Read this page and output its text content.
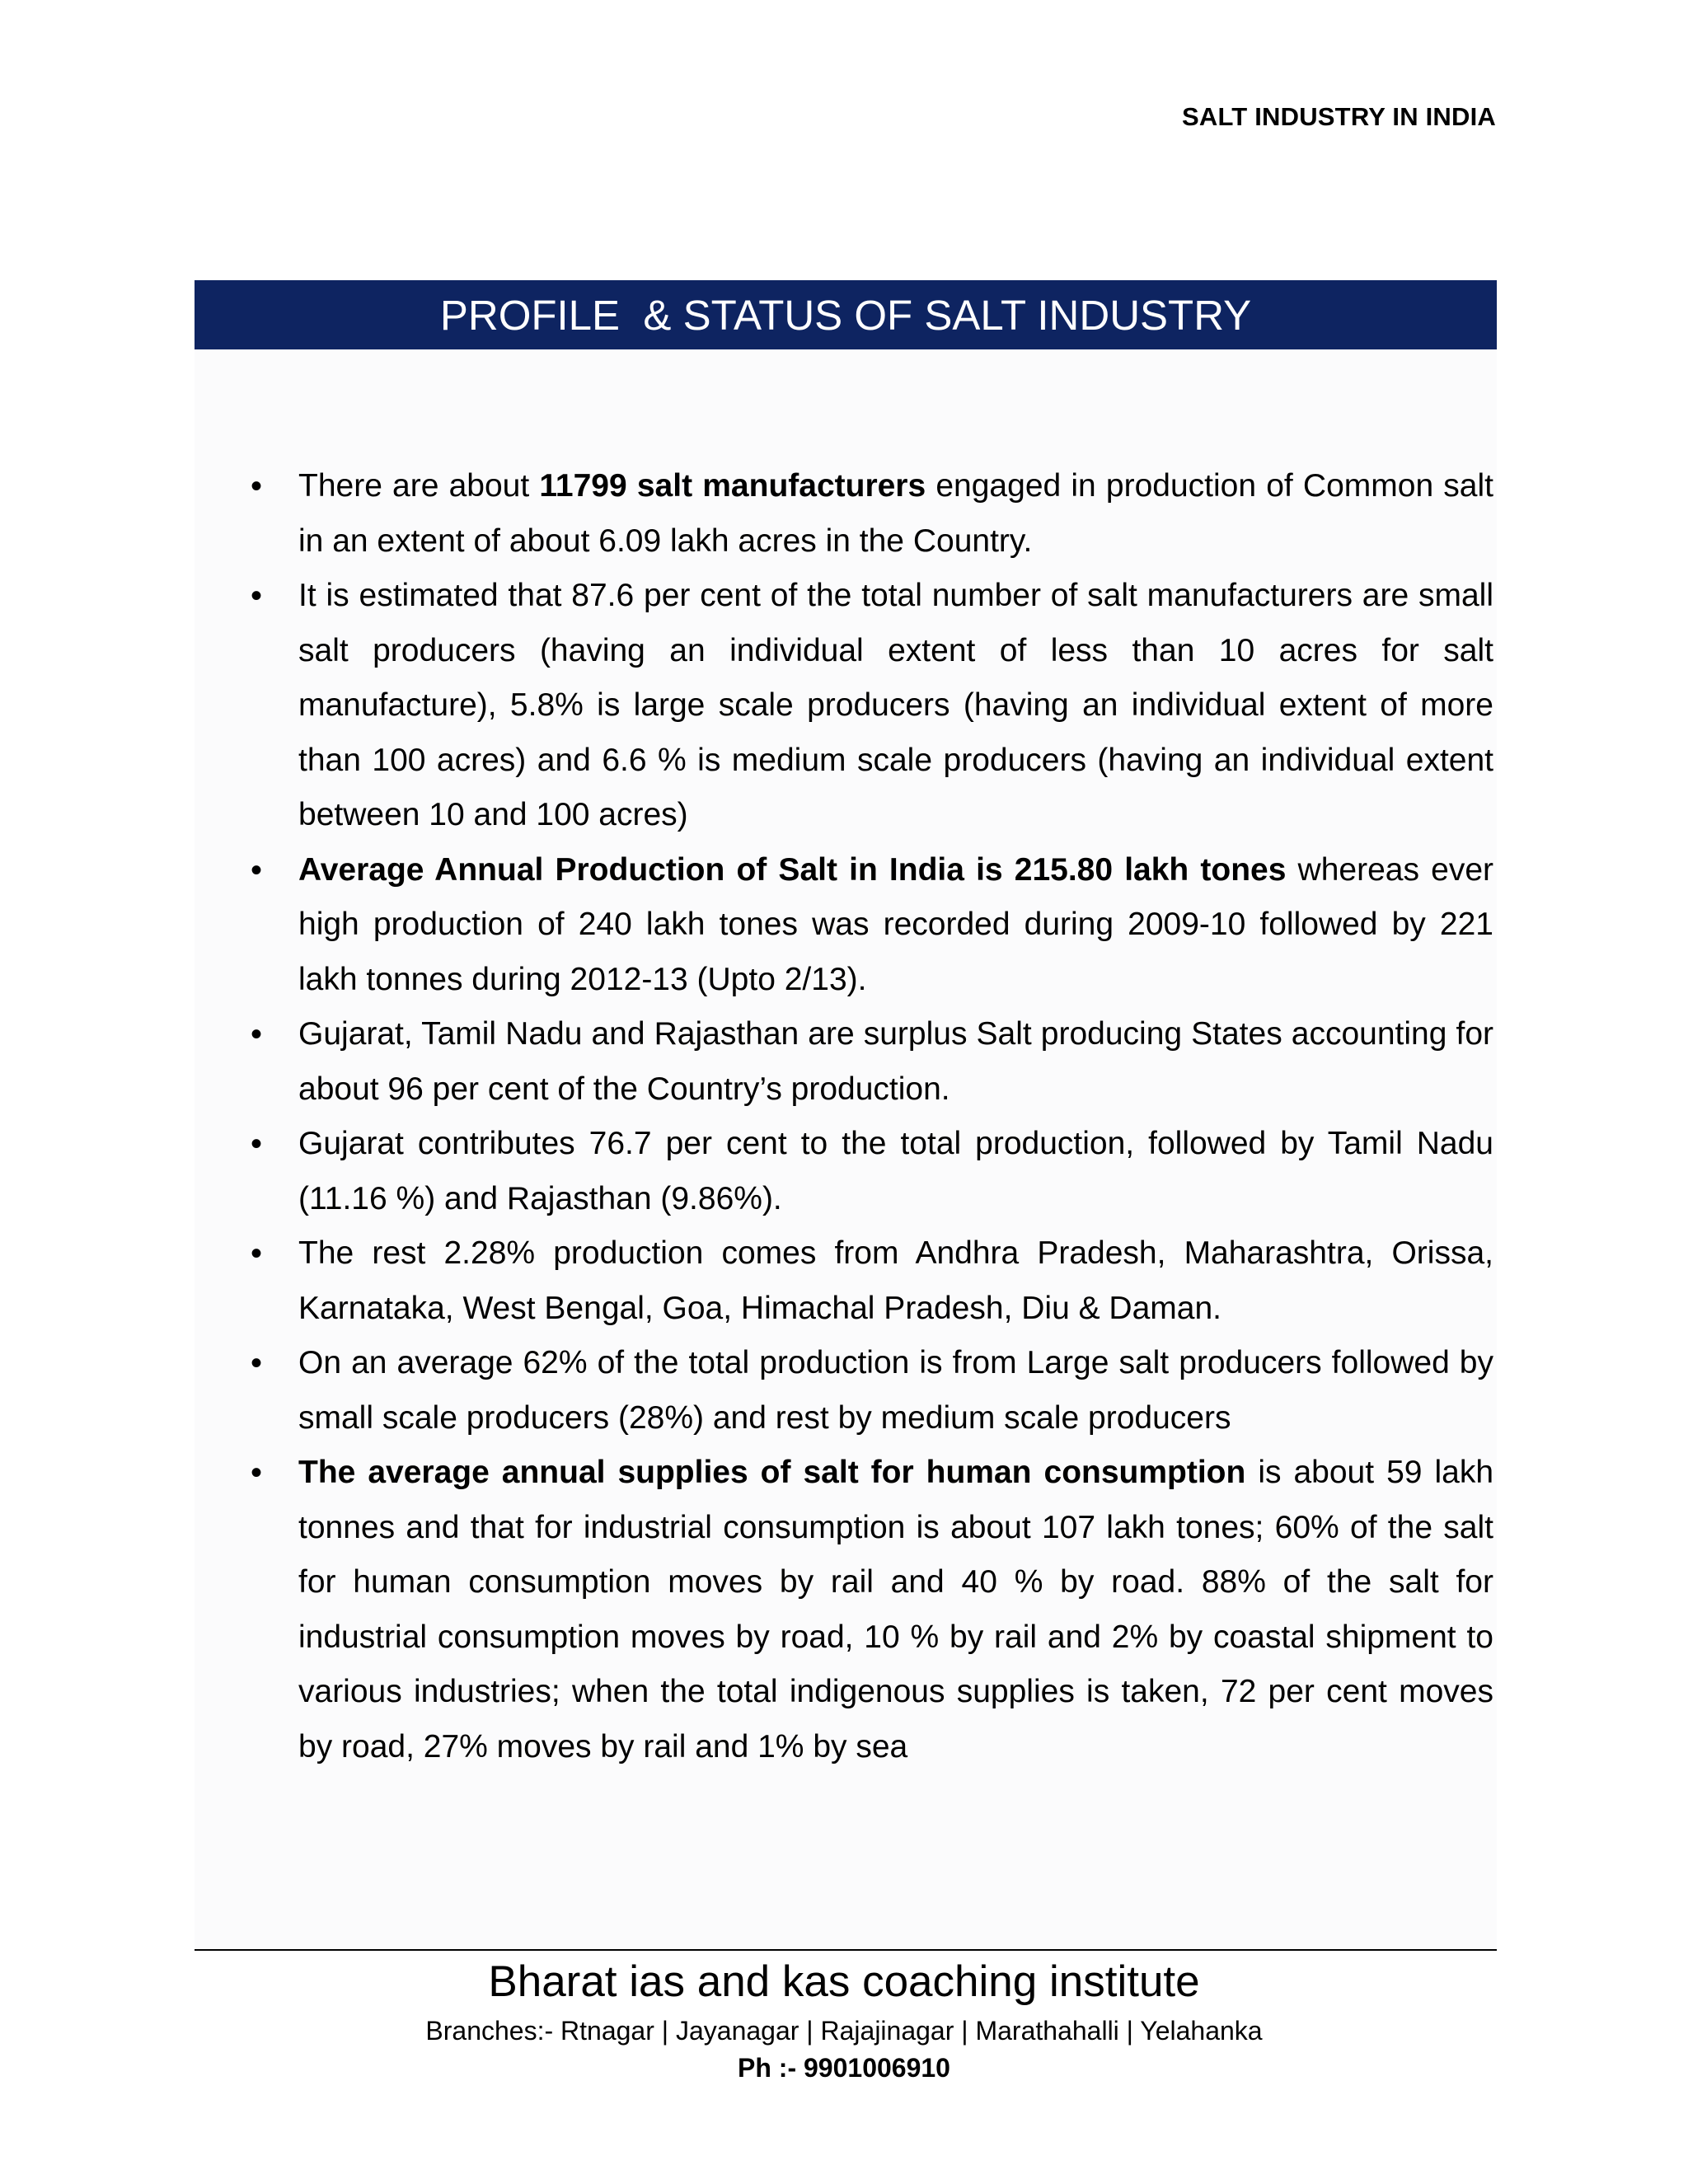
SALT INDUSTRY IN INDIA
PROFILE  & STATUS OF SALT INDUSTRY
• There are about 11799 salt manufacturers engaged in production of Common salt in an extent of about 6.09 lakh acres in the Country.
• It is estimated that 87.6 per cent of the total number of salt manufacturers are small salt producers (having an individual extent of less than 10 acres for salt manufacture), 5.8% is large scale producers (having an individual extent of more than 100 acres) and 6.6 % is medium scale producers (having an individual extent between 10 and 100 acres)
• Average Annual Production of Salt in India is 215.80 lakh tones whereas ever high production of 240 lakh tones was recorded during 2009-10 followed by 221 lakh tonnes during 2012-13 (Upto 2/13).
• Gujarat, Tamil Nadu and Rajasthan are surplus Salt producing States accounting for about 96 per cent of the Country’s production.
• Gujarat contributes 76.7 per cent to the total production, followed by Tamil Nadu (11.16 %) and Rajasthan (9.86%).
• The rest 2.28% production comes from Andhra Pradesh, Maharashtra, Orissa, Karnataka, West Bengal, Goa, Himachal Pradesh, Diu & Daman.
• On an average 62% of the total production is from Large salt producers followed by small scale producers (28%) and rest by medium scale producers
• The average annual supplies of salt for human consumption is about 59 lakh tonnes and that for industrial consumption is about 107 lakh tones; 60% of the salt for human consumption moves by rail and 40 % by road. 88% of the salt for industrial consumption moves by road, 10 % by rail and 2% by coastal shipment to various industries; when the total indigenous supplies is taken, 72 per cent moves by road, 27% moves by rail and 1% by sea
Bharat ias and kas coaching institute
Branches:- Rtnagar | Jayanagar | Rajajinagar | Marathahalli | Yelahanka
Ph :- 9901006910
